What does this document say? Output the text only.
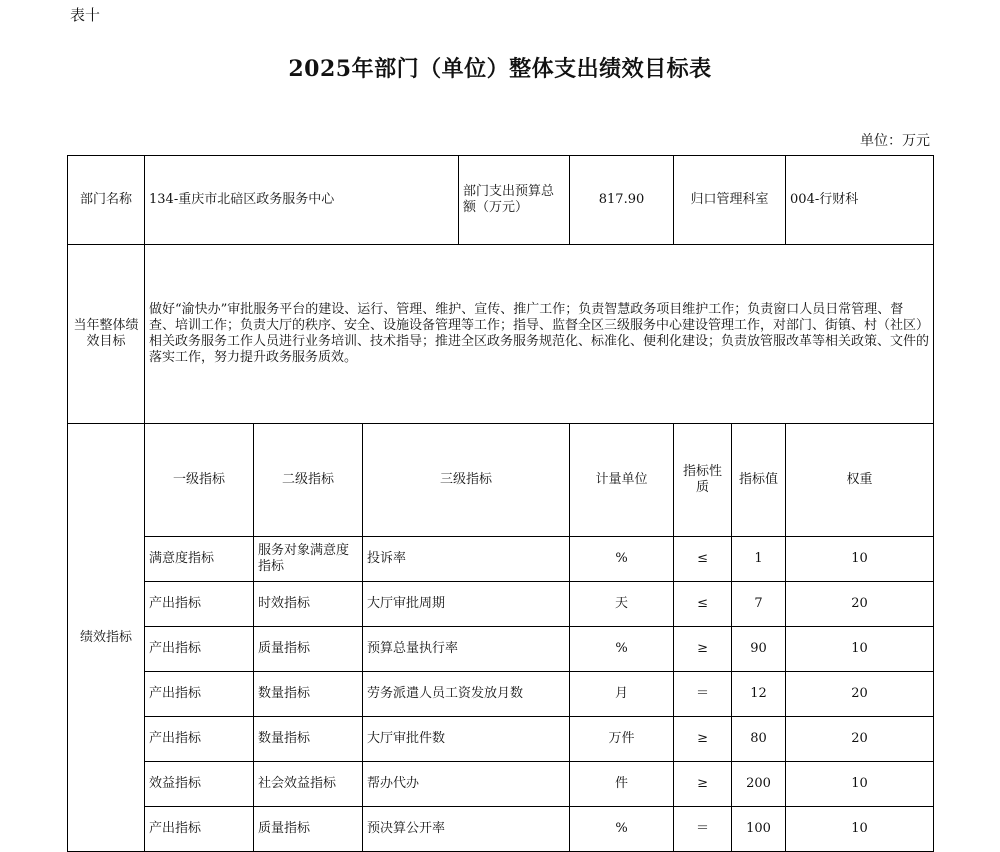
表十
2025年部门（单位）整体支出绩效目标表
单位：万元
部门名称	134-重庆市北碚区政务服务中心			部门支出预算总额（万元）	817.90	归口管理科室		004-行财科	
当年整体绩效目标	做好“渝快办”审批服务平台的建设、运行、管理、维护、宣传、推广工作；负责智慧政务项目维护工作；负责窗口人员日常管理、督查、培训工作；负责大厅的秩序、安全、设施设备管理等工作；指导、监督全区三级服务中心建设管理工作，对部门、街镇、村（社区）相关政务服务工作人员进行业务培训、技术指导；推进全区政务服务规范化、标准化、便利化建设；负责放管服改革等相关政策、文件的落实工作，努力提升政务服务质效。								
绩效指标	一级指标	二级指标	三级指标		计量单位	指标性质	指标值	权重	
	满意度指标	服务对象满意度指标	投诉率		%	≤	1	10	
	产出指标	时效指标	大厅审批周期		天	≤	7	20	
	产出指标	质量指标	预算总量执行率		%	≥	90	10	
	产出指标	数量指标	劳务派遣人员工资发放月数		月	＝	12	20	
	产出指标	数量指标	大厅审批件数		万件	≥	80	20	
	效益指标	社会效益指标	帮办代办		件	≥	200	10	
	产出指标	质量指标	预决算公开率		%	＝	100	10	
